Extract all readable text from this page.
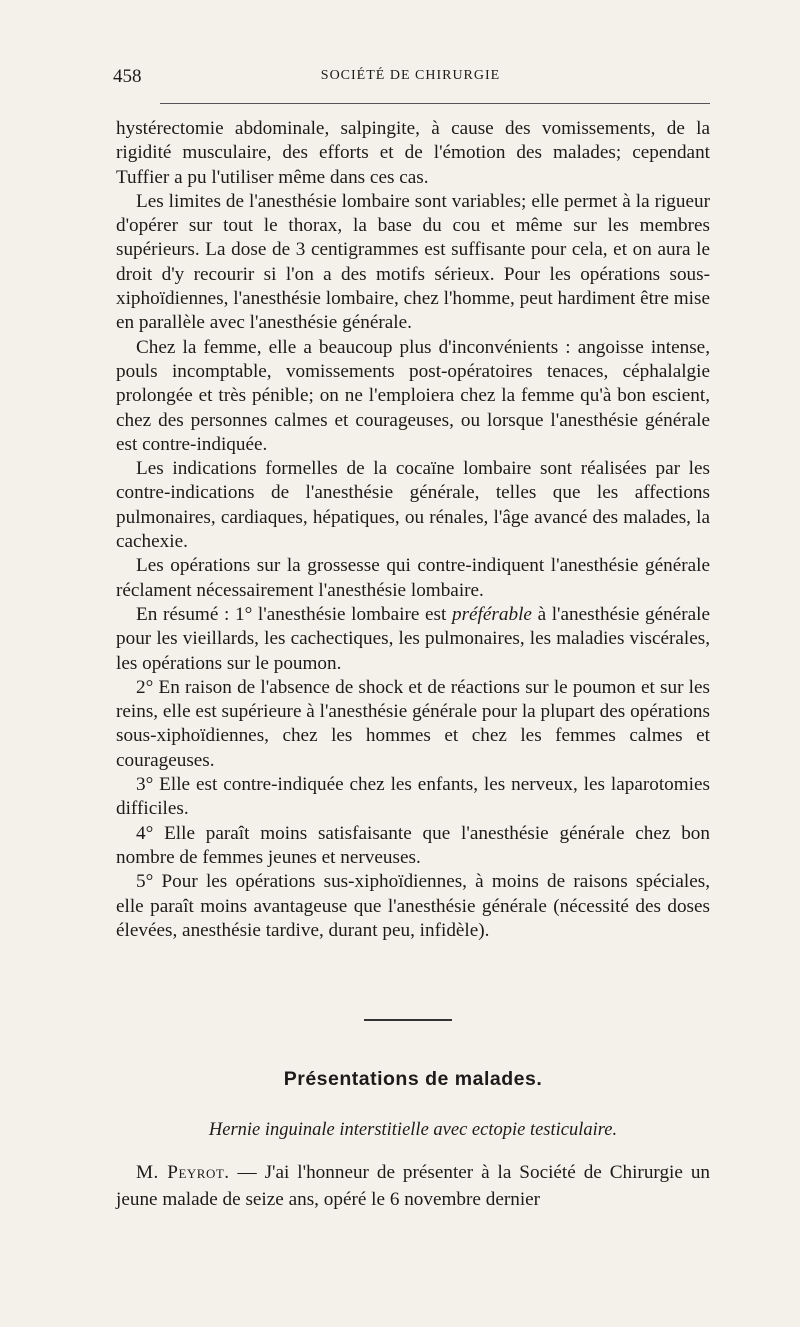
458	SOCIÉTÉ DE CHIRURGIE

hystérectomie abdominale, salpingite, à cause des vomissements, de la rigidité musculaire, des efforts et de l'émotion des malades; cependant Tuffier a pu l'utiliser même dans ces cas.

Les limites de l'anesthésie lombaire sont variables; elle permet à la rigueur d'opérer sur tout le thorax, la base du cou et même sur les membres supérieurs. La dose de 3 centigrammes est suffisante pour cela, et on aura le droit d'y recourir si l'on a des motifs sérieux. Pour les opérations sous-xiphoïdiennes, l'anesthésie lombaire, chez l'homme, peut hardiment être mise en parallèle avec l'anesthésie générale.

Chez la femme, elle a beaucoup plus d'inconvénients : angoisse intense, pouls incomptable, vomissements post-opératoires tenaces, céphalalgie prolongée et très pénible; on ne l'emploiera chez la femme qu'à bon escient, chez des personnes calmes et courageuses, ou lorsque l'anesthésie générale est contre-indiquée.

Les indications formelles de la cocaïne lombaire sont réalisées par les contre-indications de l'anesthésie générale, telles que les affections pulmonaires, cardiaques, hépatiques, ou rénales, l'âge avancé des malades, la cachexie.

Les opérations sur la grossesse qui contre-indiquent l'anesthésie générale réclament nécessairement l'anesthésie lombaire.

En résumé : 1° l'anesthésie lombaire est préférable à l'anesthésie générale pour les vieillards, les cachectiques, les pulmonaires, les maladies viscérales, les opérations sur le poumon.

2° En raison de l'absence de shock et de réactions sur le poumon et sur les reins, elle est supérieure à l'anesthésie générale pour la plupart des opérations sous-xiphoïdiennes, chez les hommes et chez les femmes calmes et courageuses.

3° Elle est contre-indiquée chez les enfants, les nerveux, les laparotomies difficiles.

4° Elle paraît moins satisfaisante que l'anesthésie générale chez bon nombre de femmes jeunes et nerveuses.

5° Pour les opérations sus-xiphoïdiennes, à moins de raisons spéciales, elle paraît moins avantageuse que l'anesthésie générale (nécessité des doses élevées, anesthésie tardive, durant peu, infidèle).

Présentations de malades.
Hernie inguinale interstitielle avec ectopie testiculaire.

M. Peyrot. — J'ai l'honneur de présenter à la Société de Chirurgie un jeune malade de seize ans, opéré le 6 novembre dernier
